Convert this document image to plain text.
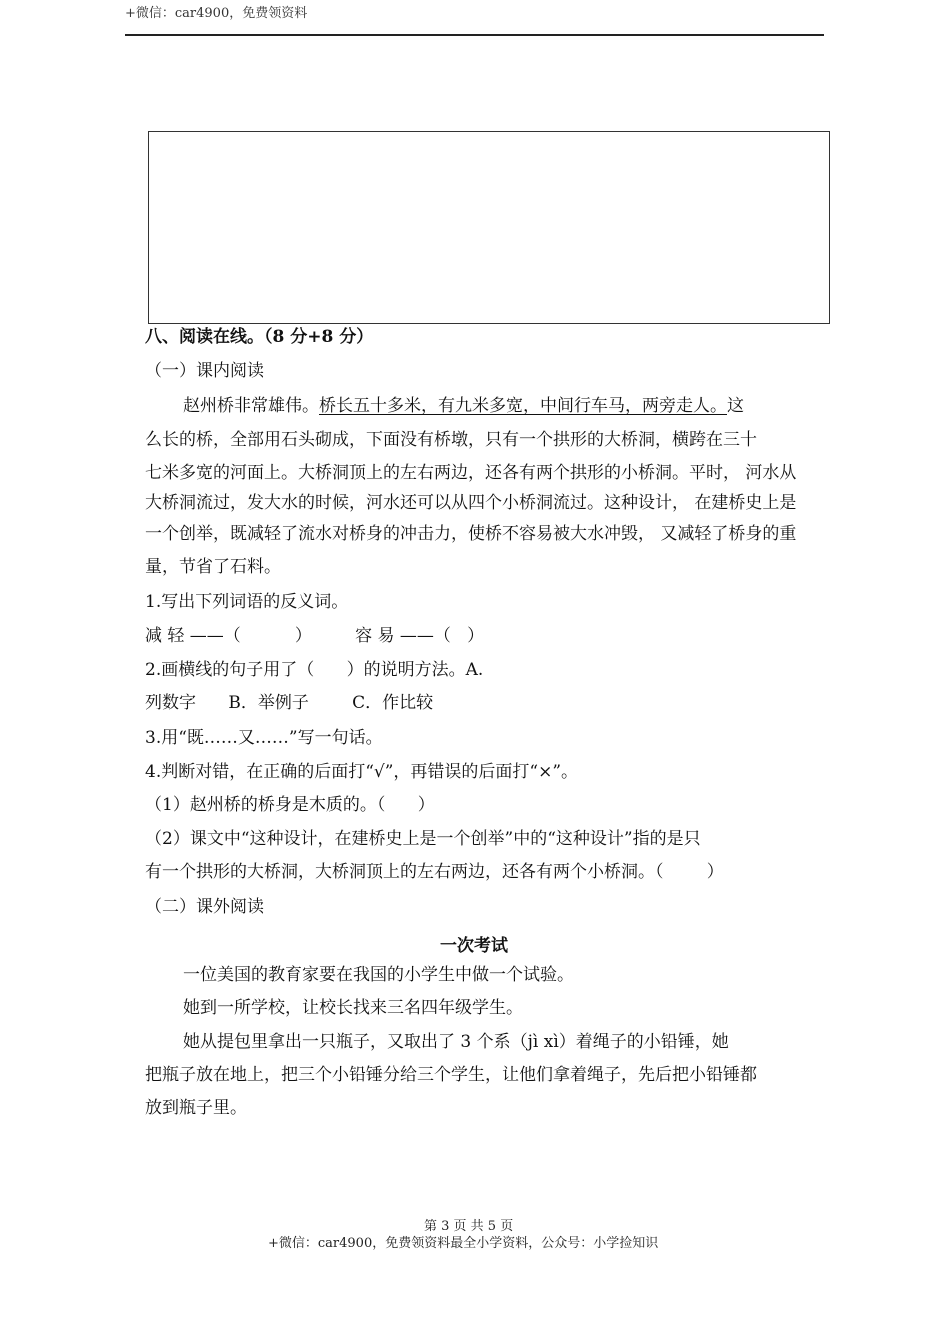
+微信：car4900，免费领资料
八、阅读在线。（8 分+8 分）
（一）课内阅读
赵州桥非常雄伟。桥长五十多米，有九米多宽，中间行车马，两旁走人。这
么长的桥，全部用石头砌成，下面没有桥墩，只有一个拱形的大桥洞，横跨在三十
七米多宽的河面上。大桥洞顶上的左右两边，还各有两个拱形的小桥洞。平时， 河水从
大桥洞流过，发大水的时候，河水还可以从四个小桥洞流过。这种设计， 在建桥史上是
一个创举，既减轻了流水对桥身的冲击力，使桥不容易被大水冲毁， 又减轻了桥身的重
量，节省了石料。
1.写出下列词语的反义词。
减 轻 ——（          ）        容 易 ——（   ）
2.画横线的句子用了（      ）的说明方法。A.
列数字      B．举例子        C．作比较
3.用“既……又……”写一句话。
4.判断对错，在正确的后面打“√”，再错误的后面打“×”。
（1）赵州桥的桥身是木质的。（      ）
（2）课文中“这种设计，在建桥史上是一个创举”中的“这种设计”指的是只
有一个拱形的大桥洞，大桥洞顶上的左右两边，还各有两个小桥洞。（        ）
（二）课外阅读
一次考试
一位美国的教育家要在我国的小学生中做一个试验。
她到一所学校，让校长找来三名四年级学生。
她从提包里拿出一只瓶子，又取出了 3 个系（jì xì）着绳子的小铅锤，她
把瓶子放在地上，把三个小铅锤分给三个学生，让他们拿着绳子，先后把小铅锤都
放到瓶子里。
第 3 页 共 5 页
+微信：car4900，免费领资料最全小学资料，公众号：小学捡知识
